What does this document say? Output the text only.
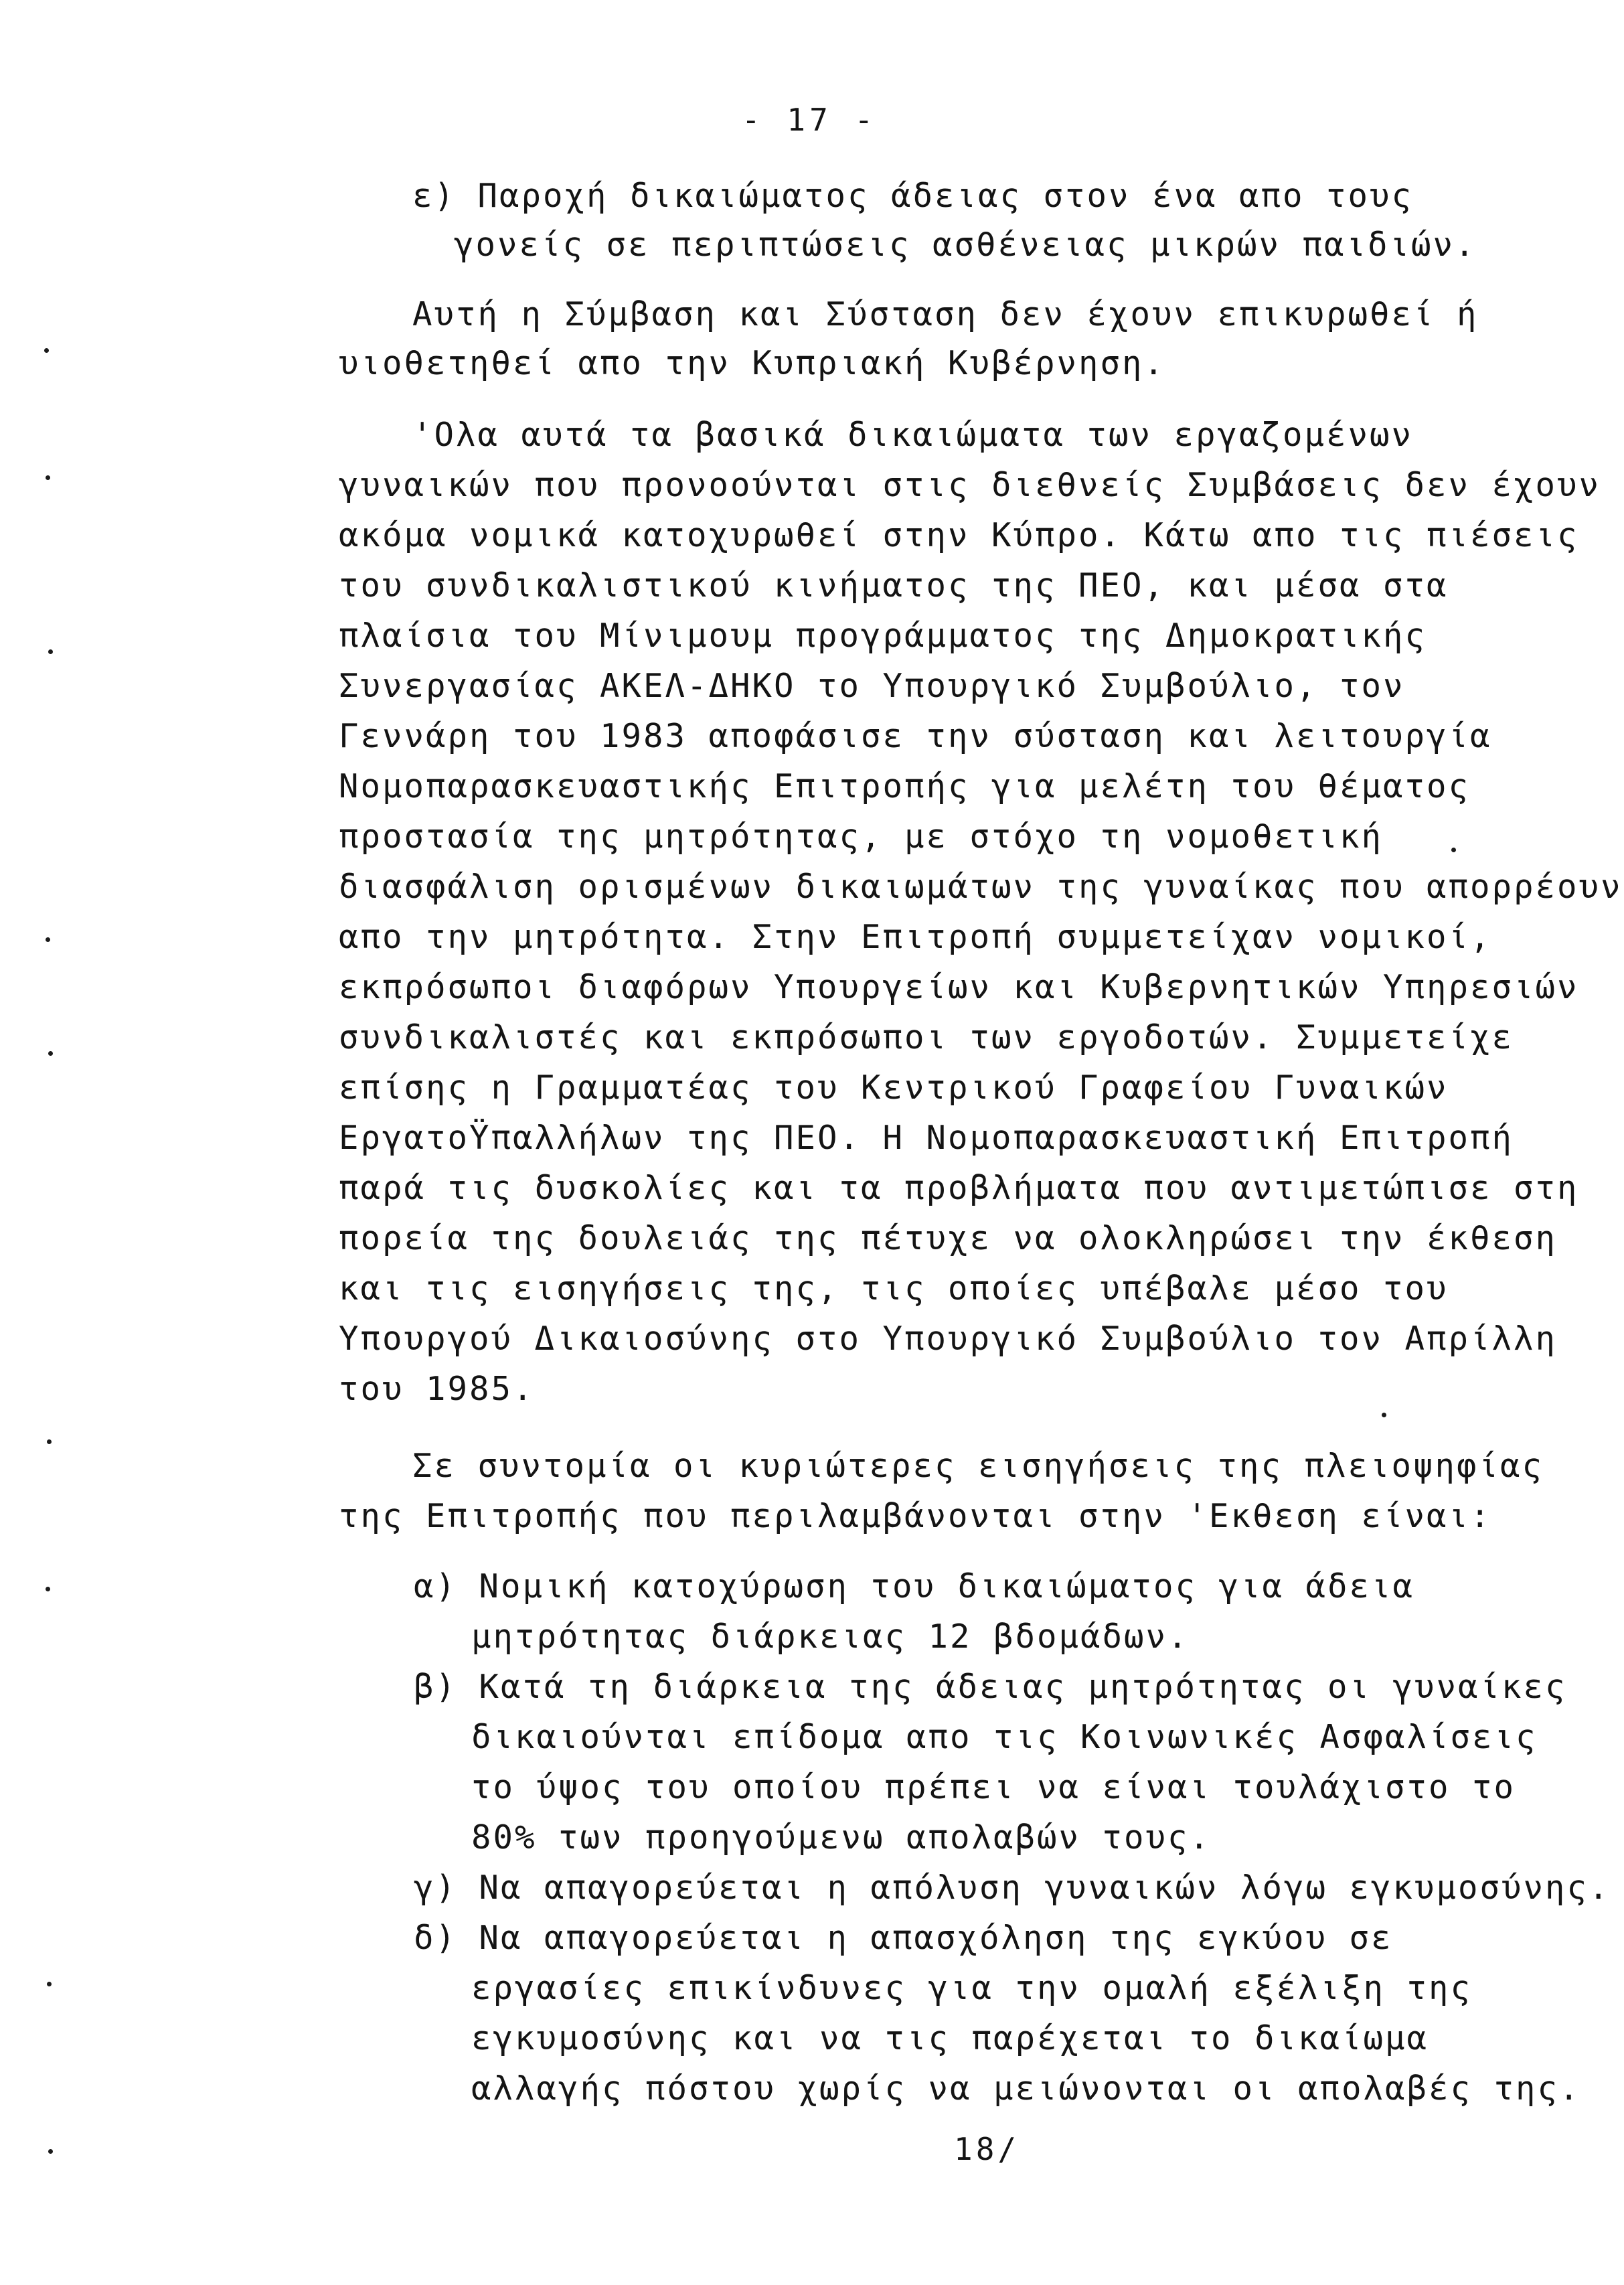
- 17 -
ε) Παροχή δικαιώματος άδειας στον ένα απο τους
γονείς σε περιπτώσεις ασθένειας μικρών παιδιών.
Αυτή η Σύμβαση και Σύσταση δεν έχουν επικυρωθεί ή
υιοθετηθεί απο την Κυπριακή Κυβέρνηση.
'Ολα αυτά τα βασικά δικαιώματα των εργαζομένων
γυναικών που προνοούνται στις διεθνείς Συμβάσεις δεν έχουν
ακόμα νομικά κατοχυρωθεί στην Κύπρο. Κάτω απο τις πιέσεις
του συνδικαλιστικού κινήματος της ΠΕΟ, και μέσα στα
πλαίσια του Μίνιμουμ προγράμματος της Δημοκρατικής
Συνεργασίας ΑΚΕΛ-ΔΗΚΟ το Υπουργικό Συμβούλιο, τον
Γεννάρη του 1983 αποφάσισε την σύσταση και λειτουργία
Νομοπαρασκευαστικής Επιτροπής για μελέτη του θέματος
προστασία της μητρότητας, με στόχο τη νομοθετική
διασφάλιση ορισμένων δικαιωμάτων της γυναίκας που απορρέουν
απο την μητρότητα. Στην Επιτροπή συμμετείχαν νομικοί,
εκπρόσωποι διαφόρων Υπουργείων και Κυβερνητικών Υπηρεσιών
συνδικαλιστές και εκπρόσωποι των εργοδοτών. Συμμετείχε
επίσης η Γραμματέας του Κεντρικού Γραφείου Γυναικών
ΕργατοΫπαλλήλων της ΠΕΟ. Η Νομοπαρασκευαστική Επιτροπή
παρά τις δυσκολίες και τα προβλήματα που αντιμετώπισε στη
πορεία της δουλειάς της πέτυχε να ολοκληρώσει την έκθεση
και τις εισηγήσεις της, τις οποίες υπέβαλε μέσο του
Υπουργού Δικαιοσύνης στο Υπουργικό Συμβούλιο τον Απρίλλη
του 1985.
Σε συντομία οι κυριώτερες εισηγήσεις της πλειοψηφίας
της Επιτροπής που περιλαμβάνονται στην 'Εκθεση είναι:
α) Νομική κατοχύρωση του δικαιώματος για άδεια
μητρότητας διάρκειας 12 βδομάδων.
β) Κατά τη διάρκεια της άδειας μητρότητας οι γυναίκες
δικαιούνται επίδομα απο τις Κοινωνικές Ασφαλίσεις
το ύψος του οποίου πρέπει να είναι τουλάχιστο το
80% των προηγούμενω απολαβών τους.
γ) Να απαγορεύεται η απόλυση γυναικών λόγω εγκυμοσύνης.
δ) Να απαγορεύεται η απασχόληση της εγκύου σε
εργασίες επικίνδυνες για την ομαλή εξέλιξη της
εγκυμοσύνης και να τις παρέχεται το δικαίωμα
αλλαγής πόστου χωρίς να μειώνονται οι απολαβές της.
18/
